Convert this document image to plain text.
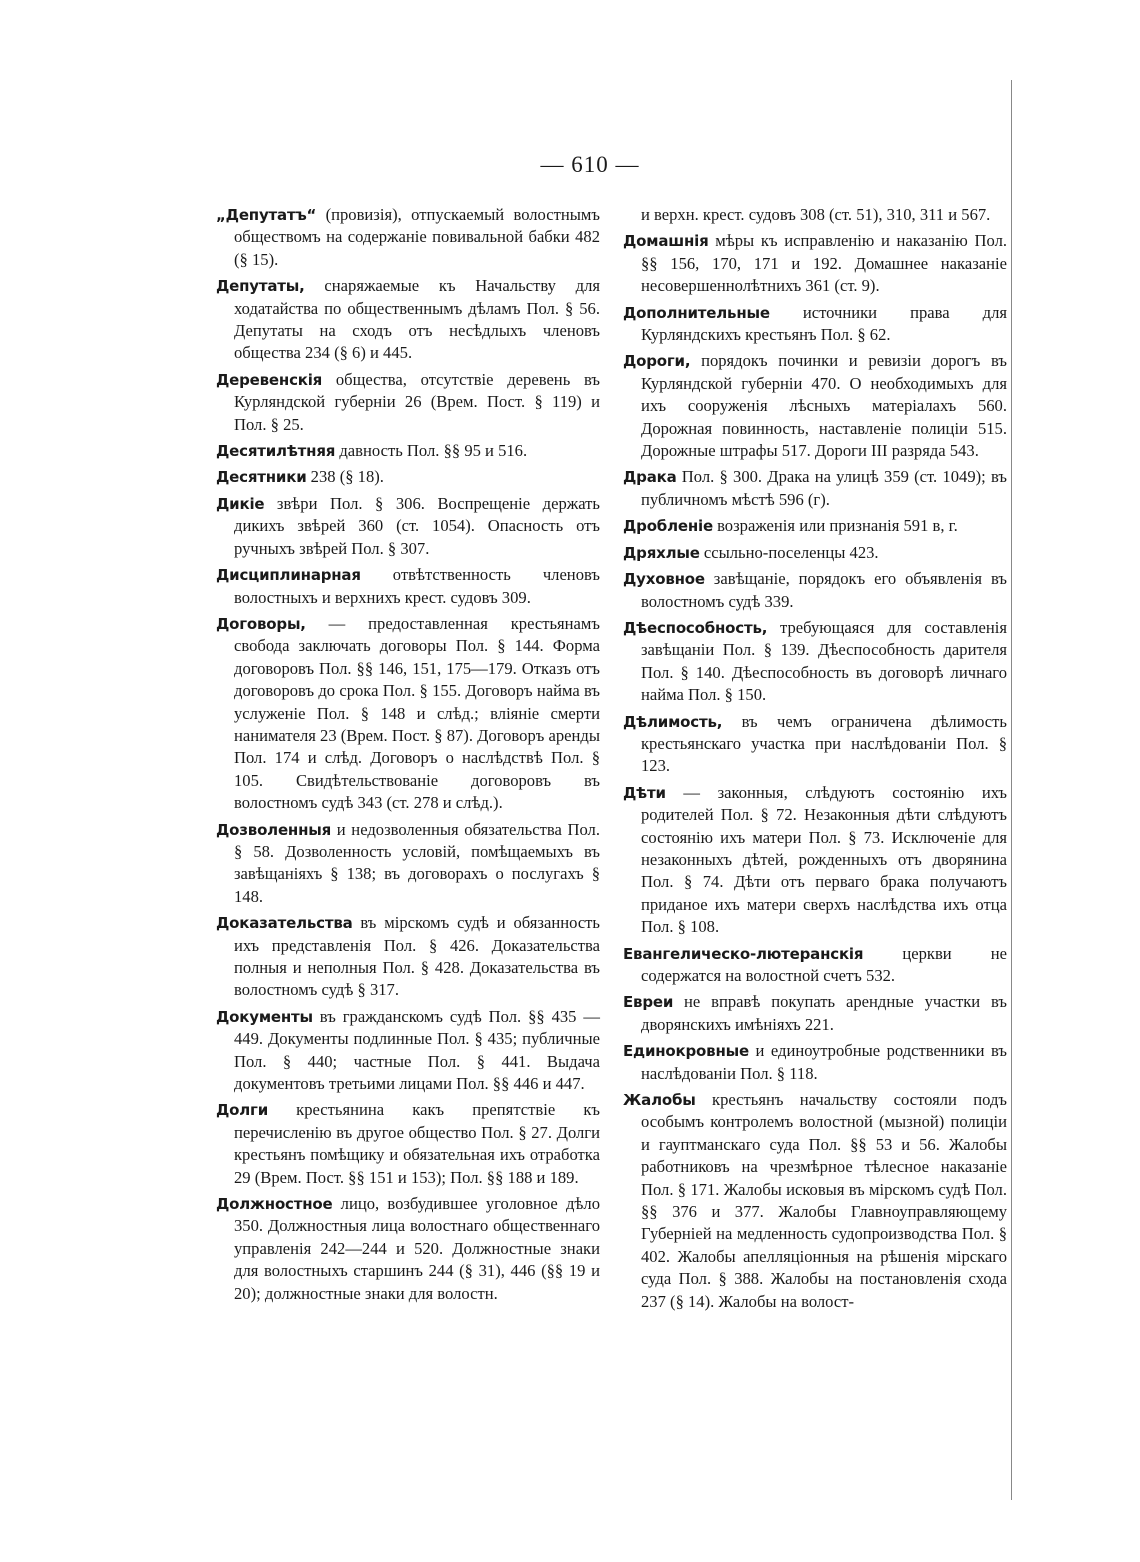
— 610 —

„Депутатъ“ (провизія), отпускаемый волостнымъ обществомъ на содержаніе повивальной бабки 482 (§ 15).

Депутаты, снаряжаемые къ Начальству для ходатайства по общественнымъ дѣламъ Пол. § 56. Депутаты на сходъ отъ несѣдлыхъ членовъ общества 234 (§ 6) и 445.

Деревенскія общества, отсутствіе деревень въ Курляндской губерніи 26 (Врем. Пост. § 119) и Пол. § 25.

Десятилѣтняя давность Пол. §§ 95 и 516.

Десятники 238 (§ 18).

Дикіе звѣри Пол. § 306. Воспрещеніе держать дикихъ звѣрей 360 (ст. 1054). Опасность отъ ручныхъ звѣрей Пол. § 307.

Дисциплинарная отвѣтственность членовъ волостныхъ и верхнихъ крест. судовъ 309.

Договоры, — предоставленная крестьянамъ свобода заключать договоры Пол. § 144. Форма договоровъ Пол. §§ 146, 151, 175—179. Отказъ отъ договоровъ до срока Пол. § 155. Договоръ найма въ услуженіе Пол. § 148 и слѣд.; вліяніе смерти нанимателя 23 (Врем. Пост. § 87). Договоръ аренды Пол. 174 и слѣд. Договоръ о наслѣдствѣ Пол. § 105. Свидѣтельствованіе договоровъ въ волостномъ судѣ 343 (ст. 278 и слѣд.).

Дозволенныя и недозволенныя обязательства Пол. § 58. Дозволенность условій, помѣщаемыхъ въ завѣщаніяхъ § 138; въ договорахъ о послугахъ § 148.

Доказательства въ мірскомъ судѣ и обязанность ихъ представленія Пол. § 426. Доказательства полныя и неполныя Пол. § 428. Доказательства въ волостномъ судѣ § 317.

Документы въ гражданскомъ судѣ Пол. §§ 435 — 449. Документы подлинные Пол. § 435; публичные Пол. § 440; частные Пол. § 441. Выдача документовъ третьими лицами Пол. §§ 446 и 447.

Долги крестьянина какъ препятствіе къ перечисленію въ другое общество Пол. § 27. Долги крестьянъ помѣщику и обязательная ихъ отработка 29 (Врем. Пост. §§ 151 и 153); Пол. §§ 188 и 189.

Должностное лицо, возбудившее уголовное дѣло 350. Должностныя лица волостнаго общественнаго управленія 242—244 и 520. Должностные знаки для волостныхъ старшинъ 244 (§ 31), 446 (§§ 19 и 20); должностные знаки для волостн.

и верхн. крест. судовъ 308 (ст. 51), 310, 311 и 567.

Домашнія мѣры къ исправленію и наказанію Пол. §§ 156, 170, 171 и 192. Домашнее наказаніе несовершеннолѣтнихъ 361 (ст. 9).

Дополнительные источники права для Курляндскихъ крестьянъ Пол. § 62.

Дороги, порядокъ починки и ревизіи дорогъ въ Курляндской губерніи 470. О необходимыхъ для ихъ сооруженія лѣсныхъ матеріалахъ 560. Дорожная повинность, наставленіе полиціи 515. Дорожные штрафы 517. Дороги III разряда 543.

Драка Пол. § 300. Драка на улицѣ 359 (ст. 1049); въ публичномъ мѣстѣ 596 (г).

Дробленіе возраженія или признанія 591 в, г.

Дряхлые ссыльно-поселенцы 423.

Духовное завѣщаніе, порядокъ его объявленія въ волостномъ судѣ 339.

Дѣеспособность, требующаяся для составленія завѣщаніи Пол. § 139. Дѣеспособность дарителя Пол. § 140. Дѣеспособность въ договорѣ личнаго найма Пол. § 150.

Дѣлимость, въ чемъ ограничена дѣлимость крестьянскаго участка при наслѣдованіи Пол. § 123.

Дѣти — законныя, слѣдуютъ состоянію ихъ родителей Пол. § 72. Незаконныя дѣти слѣдуютъ состоянію ихъ матери Пол. § 73. Исключеніе для незаконныхъ дѣтей, рожденныхъ отъ дворянина Пол. § 74. Дѣти отъ перваго брака получаютъ приданое ихъ матери сверхъ наслѣдства ихъ отца Пол. § 108.

Евангелическо-лютеранскія церкви не содержатся на волостной счетъ 532.

Евреи не вправѣ покупать арендные участки въ дворянскихъ имѣніяхъ 221.

Единокровные и единоутробные родственники въ наслѣдованіи Пол. § 118.

Жалобы крестьянъ начальству состояли подъ особымъ контролемъ волостной (мызной) полиціи и гауптманскаго суда Пол. §§ 53 и 56. Жалобы работниковъ на чрезмѣрное тѣлесное наказаніе Пол. § 171. Жалобы исковыя въ мірскомъ судѣ Пол. §§ 376 и 377. Жалобы Главноуправляющему Губерніей на медленность судопроизводства Пол. § 402. Жалобы апелляціонныя на рѣшенія мірскаго суда Пол. § 388. Жалобы на постановленія схода 237 (§ 14). Жалобы на волост-
